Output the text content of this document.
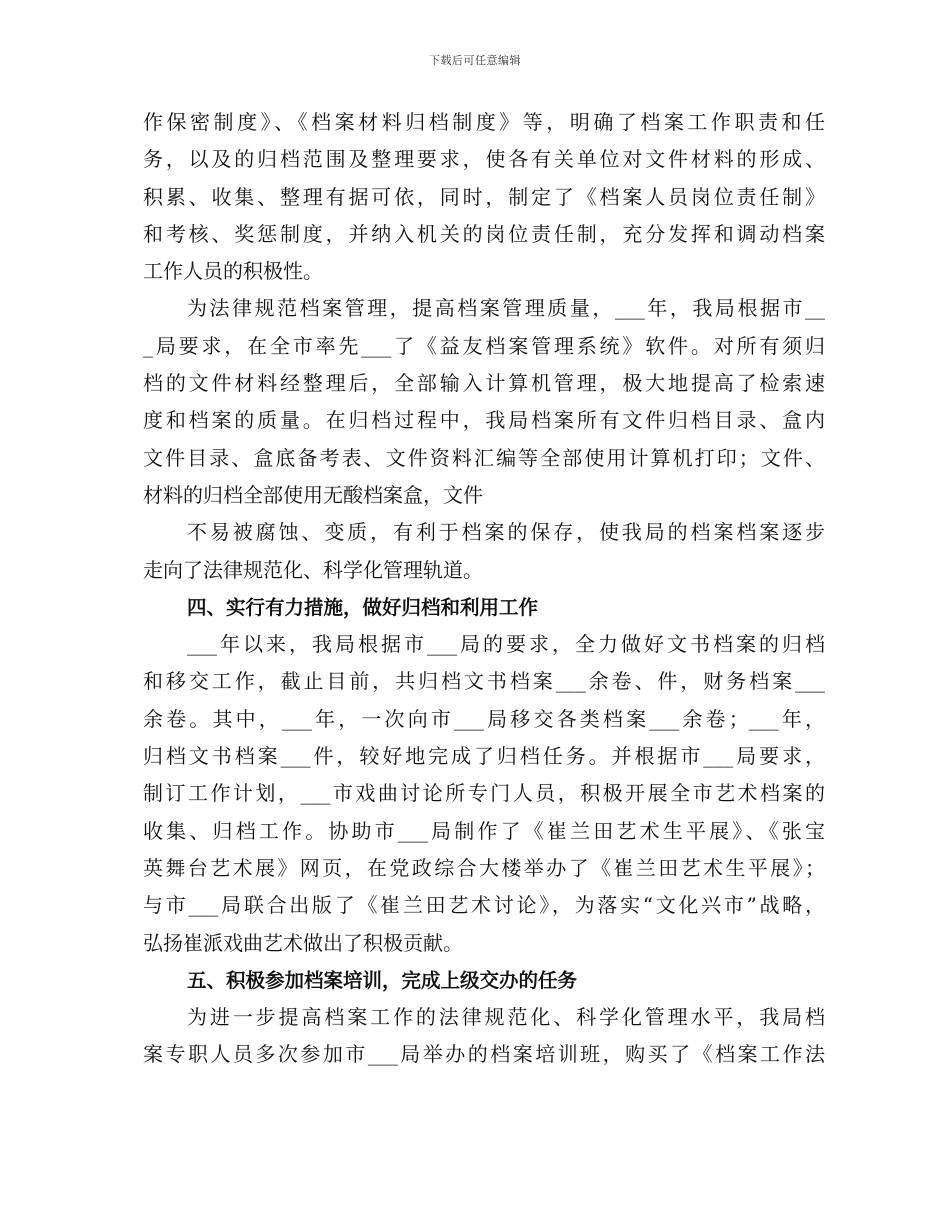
下载后可任意编辑
作保密制度》、《档案材料归档制度》等，明确了档案工作职责和任
务，以及的归档范围及整理要求，使各有关单位对文件材料的形成、
积累、收集、整理有据可依，同时，制定了《档案人员岗位责任制》
和考核、奖惩制度，并纳入机关的岗位责任制，充分发挥和调动档案
工作人员的积极性。
为法律规范档案管理，提高档案管理质量，___年，我局根据市__
_局要求，在全市率先___了《益友档案管理系统》软件。对所有须归
档的文件材料经整理后，全部输入计算机管理，极大地提高了检索速
度和档案的质量。在归档过程中，我局档案所有文件归档目录、盒内
文件目录、盒底备考表、文件资料汇编等全部使用计算机打印；文件、
材料的归档全部使用无酸档案盒，文件
不易被腐蚀、变质，有利于档案的保存，使我局的档案档案逐步
走向了法律规范化、科学化管理轨道。
四、实行有力措施，做好归档和利用工作
___年以来，我局根据市___局的要求，全力做好文书档案的归档
和移交工作，截止目前，共归档文书档案___余卷、件，财务档案___
余卷。其中，___年，一次向市___局移交各类档案___余卷；___年，
归档文书档案___件，较好地完成了归档任务。并根据市___局要求，
制订工作计划，___市戏曲讨论所专门人员，积极开展全市艺术档案的
收集、归档工作。协助市___局制作了《崔兰田艺术生平展》、《张宝
英舞台艺术展》网页，在党政综合大楼举办了《崔兰田艺术生平展》；
与市___局联合出版了《崔兰田艺术讨论》，为落实“文化兴市”战略，
弘扬崔派戏曲艺术做出了积极贡献。
五、积极参加档案培训，完成上级交办的任务
为进一步提高档案工作的法律规范化、科学化管理水平，我局档
案专职人员多次参加市___局举办的档案培训班，购买了《档案工作法
